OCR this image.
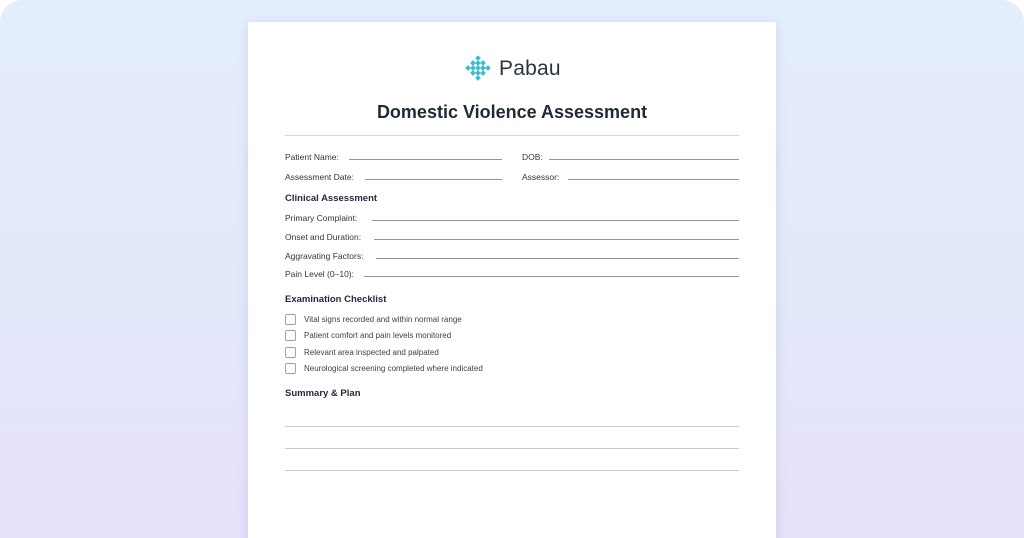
Pabau
Domestic Violence Assessment
Patient Name:	DOB:
Assessment Date:	Assessor:
Clinical Assessment
Primary Complaint:
Onset and Duration:
Aggravating Factors:
Pain Level (0–10):
Examination Checklist
Vital signs recorded and within normal range
Patient comfort and pain levels monitored
Relevant area inspected and palpated
Neurological screening completed where indicated
Summary & Plan
